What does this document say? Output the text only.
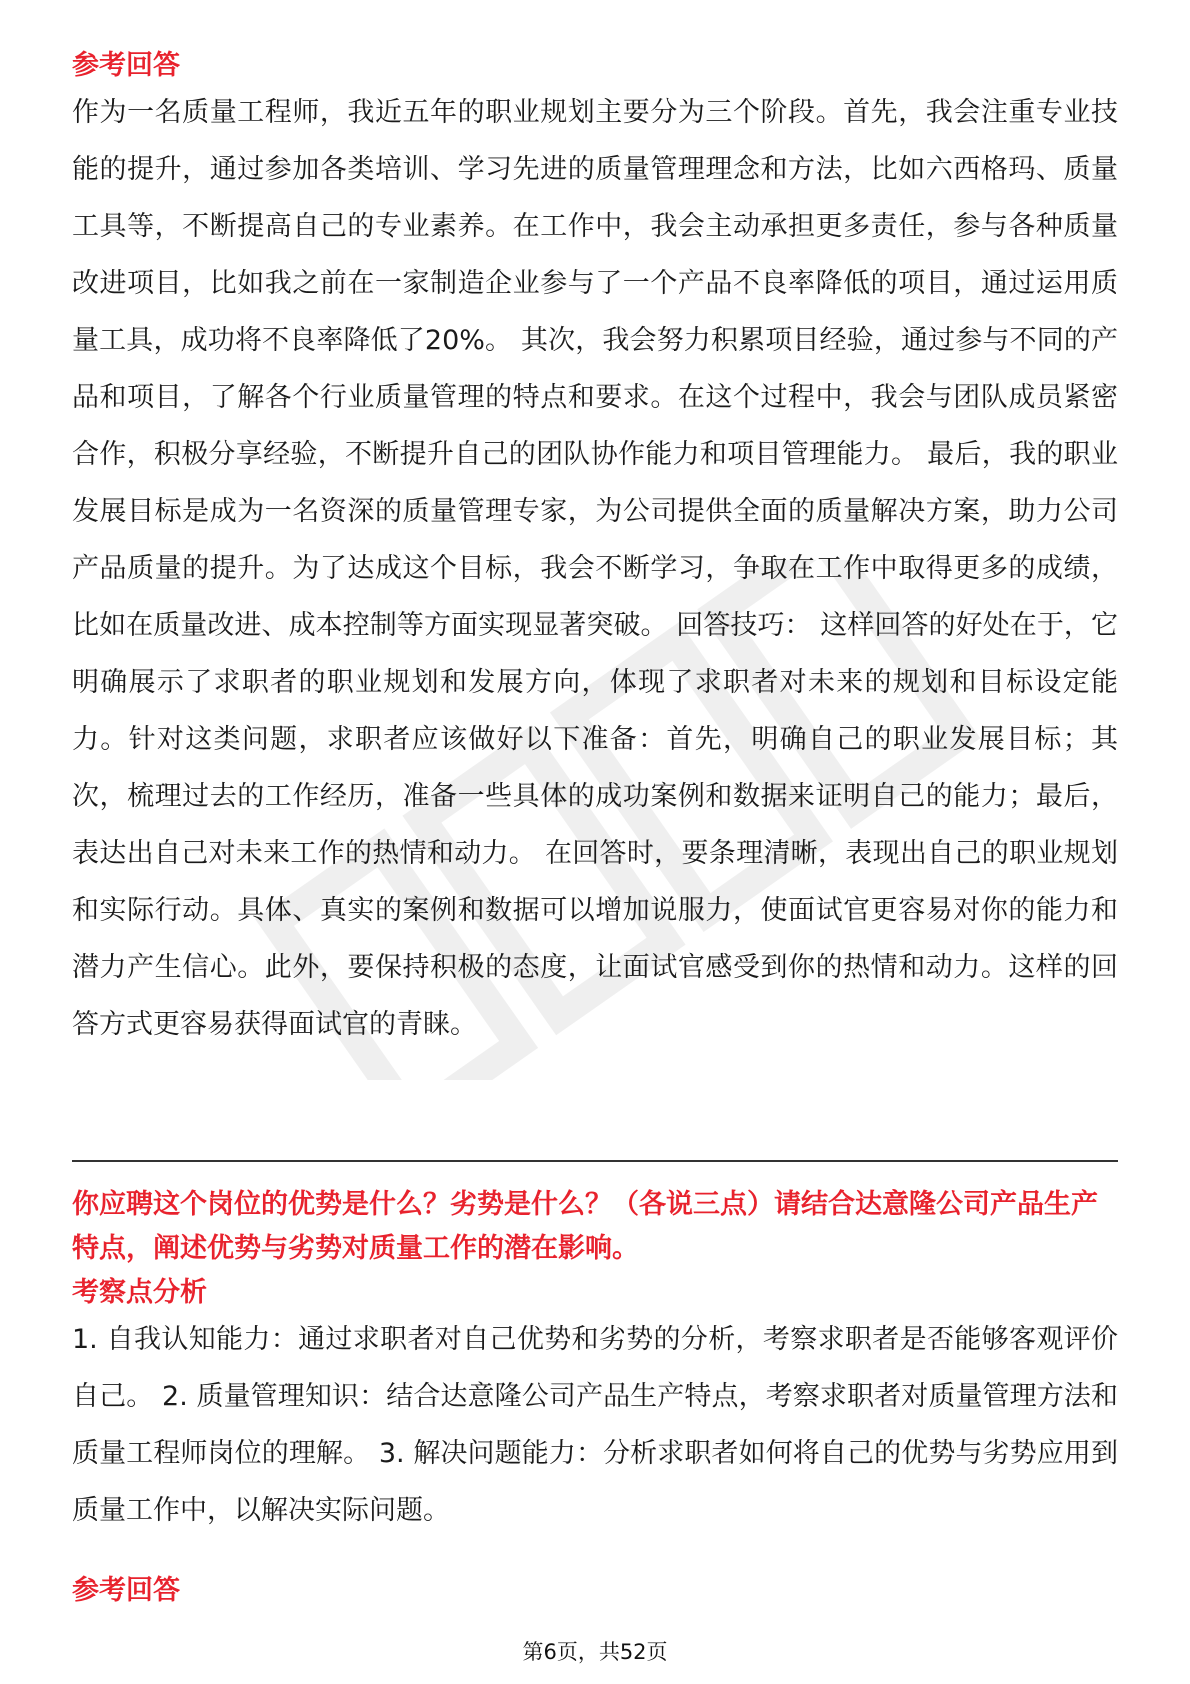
参考回答

作为一名质量工程师，我近五年的职业规划主要分为三个阶段。首先，我会注重专业技能的提升，通过参加各类培训、学习先进的质量管理理念和方法，比如六西格玛、质量工具等，不断提高自己的专业素养。在工作中，我会主动承担更多责任，参与各种质量改进项目，比如我之前在一家制造企业参与了一个产品不良率降低的项目，通过运用质量工具，成功将不良率降低了20%。 其次，我会努力积累项目经验，通过参与不同的产品和项目，了解各个行业质量管理的特点和要求。在这个过程中，我会与团队成员紧密合作，积极分享经验，不断提升自己的团队协作能力和项目管理能力。 最后，我的职业发展目标是成为一名资深的质量管理专家，为公司提供全面的质量解决方案，助力公司产品质量的提升。为了达成这个目标，我会不断学习，争取在工作中取得更多的成绩，比如在质量改进、成本控制等方面实现显著突破。 回答技巧： 这样回答的好处在于，它明确展示了求职者的职业规划和发展方向，体现了求职者对未来的规划和目标设定能力。针对这类问题，求职者应该做好以下准备：首先，明确自己的职业发展目标；其次，梳理过去的工作经历，准备一些具体的成功案例和数据来证明自己的能力；最后，表达出自己对未来工作的热情和动力。 在回答时，要条理清晰，表现出自己的职业规划和实际行动。具体、真实的案例和数据可以增加说服力，使面试官更容易对你的能力和潜力产生信心。此外，要保持积极的态度，让面试官感受到你的热情和动力。这样的回答方式更容易获得面试官的青睐。

你应聘这个岗位的优势是什么？劣势是什么？（各说三点）请结合达意隆公司产品生产特点，阐述优势与劣势对质量工作的潜在影响。

考察点分析

1. 自我认知能力：通过求职者对自己优势和劣势的分析，考察求职者是否能够客观评价自己。 2. 质量管理知识：结合达意隆公司产品生产特点，考察求职者对质量管理方法和质量工程师岗位的理解。 3. 解决问题能力：分析求职者如何将自己的优势与劣势应用到质量工作中，以解决实际问题。

参考回答

第6页，共52页
